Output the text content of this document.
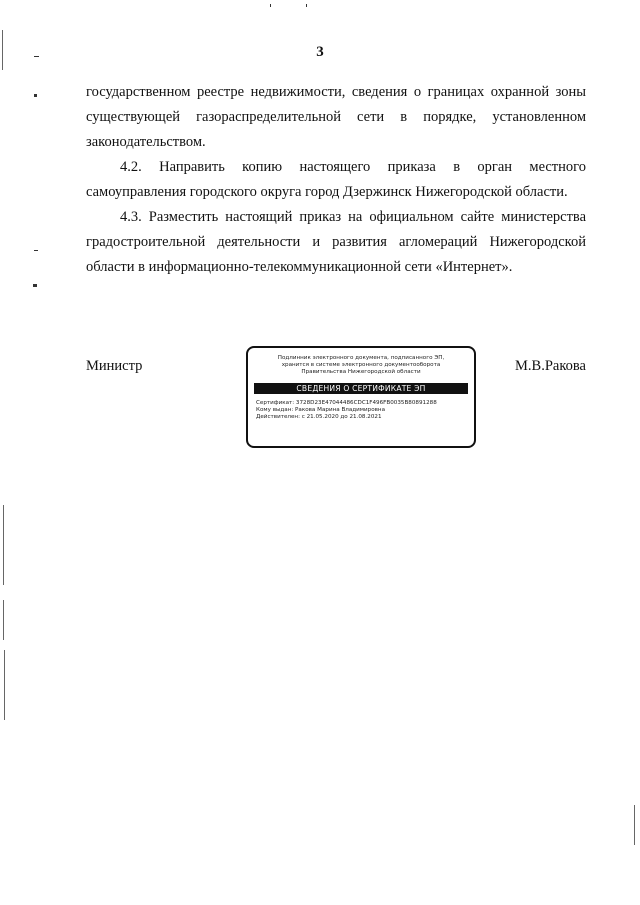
3

государственном реестре недвижимости, сведения о границах охранной зоны существующей газораспределительной сети в порядке, установленном законодательством.

4.2. Направить копию настоящего приказа в орган местного самоуправления городского округа город Дзержинск Нижегородской области.

4.3. Разместить настоящий приказ на официальном сайте министерства градостроительной деятельности и развития агломераций Нижегородской области в информационно-телекоммуникационной сети «Интернет».

Министр	Подлинник электронного документа, подписанного ЭП,
хранится в системе электронного документооборота
Правительства Нижегородской области
СВЕДЕНИЯ О СЕРТИФИКАТЕ ЭП
Сертификат: 3728D23E47044486CDC1F496FB0035B80891288
Кому выдан: Ракова Марина Владимировна
Действителен: с 21.05.2020 до 21.08.2021
М.В.Ракова
